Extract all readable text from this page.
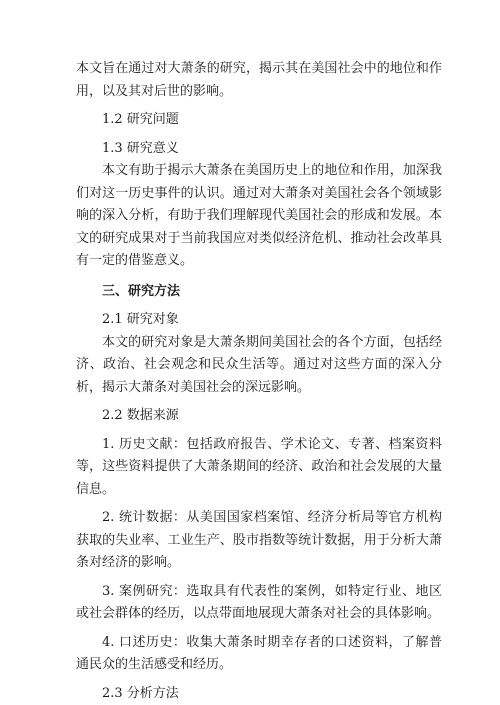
本文旨在通过对大萧条的研究，揭示其在美国社会中的地位和作用，以及其对后世的影响。

1.2 研究问题

1.3 研究意义

本文有助于揭示大萧条在美国历史上的地位和作用，加深我们对这一历史事件的认识。通过对大萧条对美国社会各个领域影响的深入分析，有助于我们理解现代美国社会的形成和发展。本文的研究成果对于当前我国应对类似经济危机、推动社会改革具有一定的借鉴意义。

三、研究方法

2.1 研究对象

本文的研究对象是大萧条期间美国社会的各个方面，包括经济、政治、社会观念和民众生活等。通过对这些方面的深入分析，揭示大萧条对美国社会的深远影响。

2.2 数据来源

1. 历史文献：包括政府报告、学术论文、专著、档案资料等，这些资料提供了大萧条期间的经济、政治和社会发展的大量信息。

2. 统计数据：从美国国家档案馆、经济分析局等官方机构获取的失业率、工业生产、股市指数等统计数据，用于分析大萧条对经济的影响。

3. 案例研究：选取具有代表性的案例，如特定行业、地区或社会群体的经历，以点带面地展现大萧条对社会的具体影响。

4. 口述历史：收集大萧条时期幸存者的口述资料，了解普通民众的生活感受和经历。

2.3 分析方法
